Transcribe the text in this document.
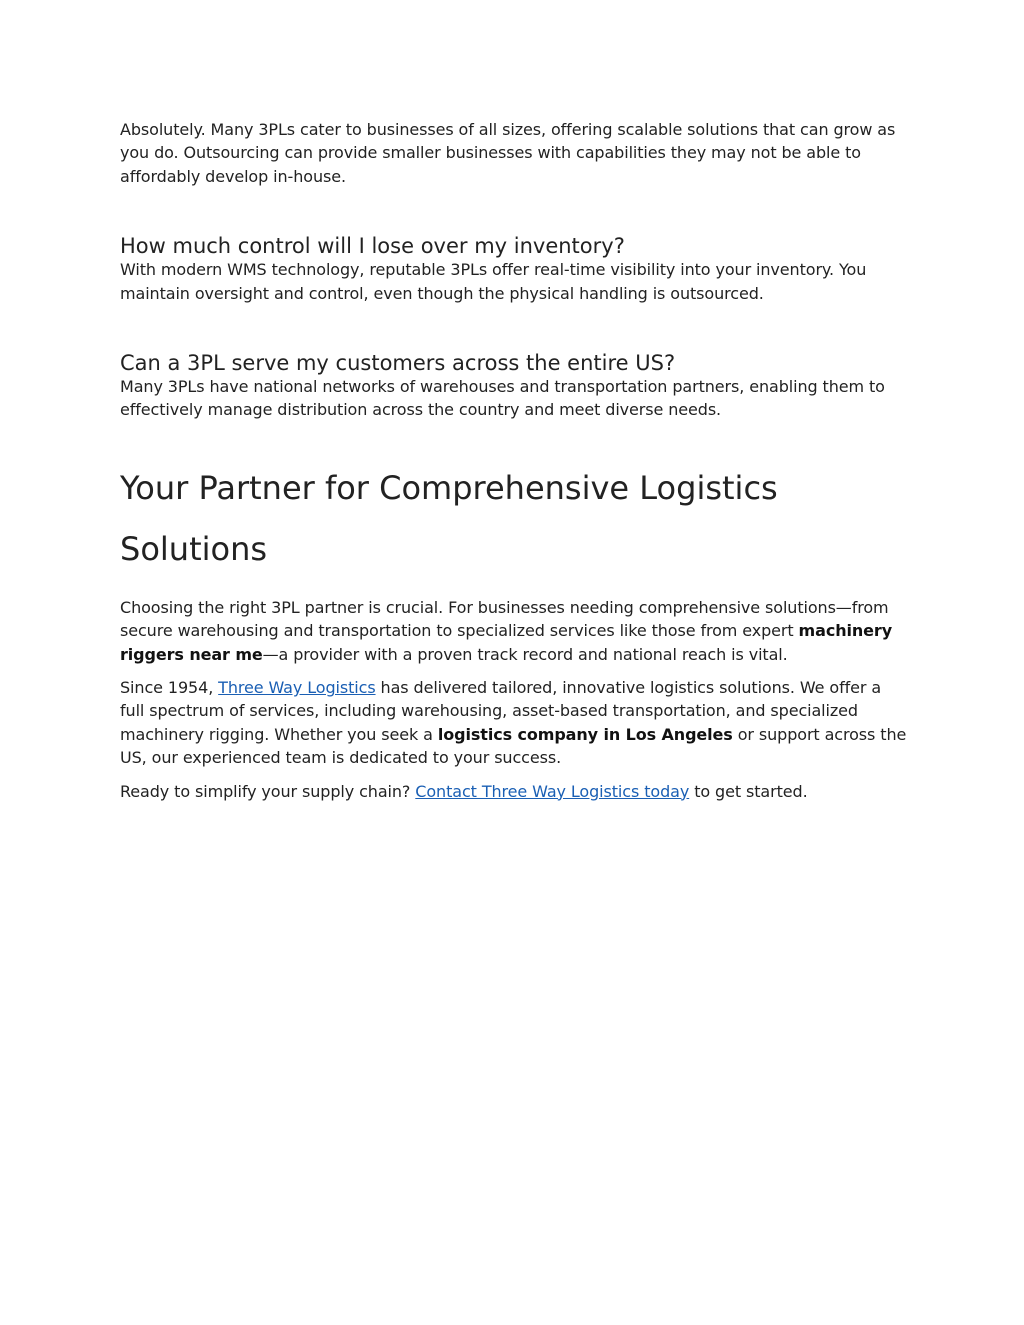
Absolutely. Many 3PLs cater to businesses of all sizes, offering scalable solutions that can grow as you do. Outsourcing can provide smaller businesses with capabilities they may not be able to affordably develop in-house.

How much control will I lose over my inventory?

With modern WMS technology, reputable 3PLs offer real-time visibility into your inventory. You maintain oversight and control, even though the physical handling is outsourced.

Can a 3PL serve my customers across the entire US?

Many 3PLs have national networks of warehouses and transportation partners, enabling them to effectively manage distribution across the country and meet diverse needs.

Your Partner for Comprehensive Logistics Solutions

Choosing the right 3PL partner is crucial. For businesses needing comprehensive solutions—from secure warehousing and transportation to specialized services like those from expert machinery riggers near me—a provider with a proven track record and national reach is vital.

Since 1954, Three Way Logistics has delivered tailored, innovative logistics solutions. We offer a full spectrum of services, including warehousing, asset-based transportation, and specialized machinery rigging. Whether you seek a logistics company in Los Angeles or support across the US, our experienced team is dedicated to your success.

Ready to simplify your supply chain? Contact Three Way Logistics today to get started.
